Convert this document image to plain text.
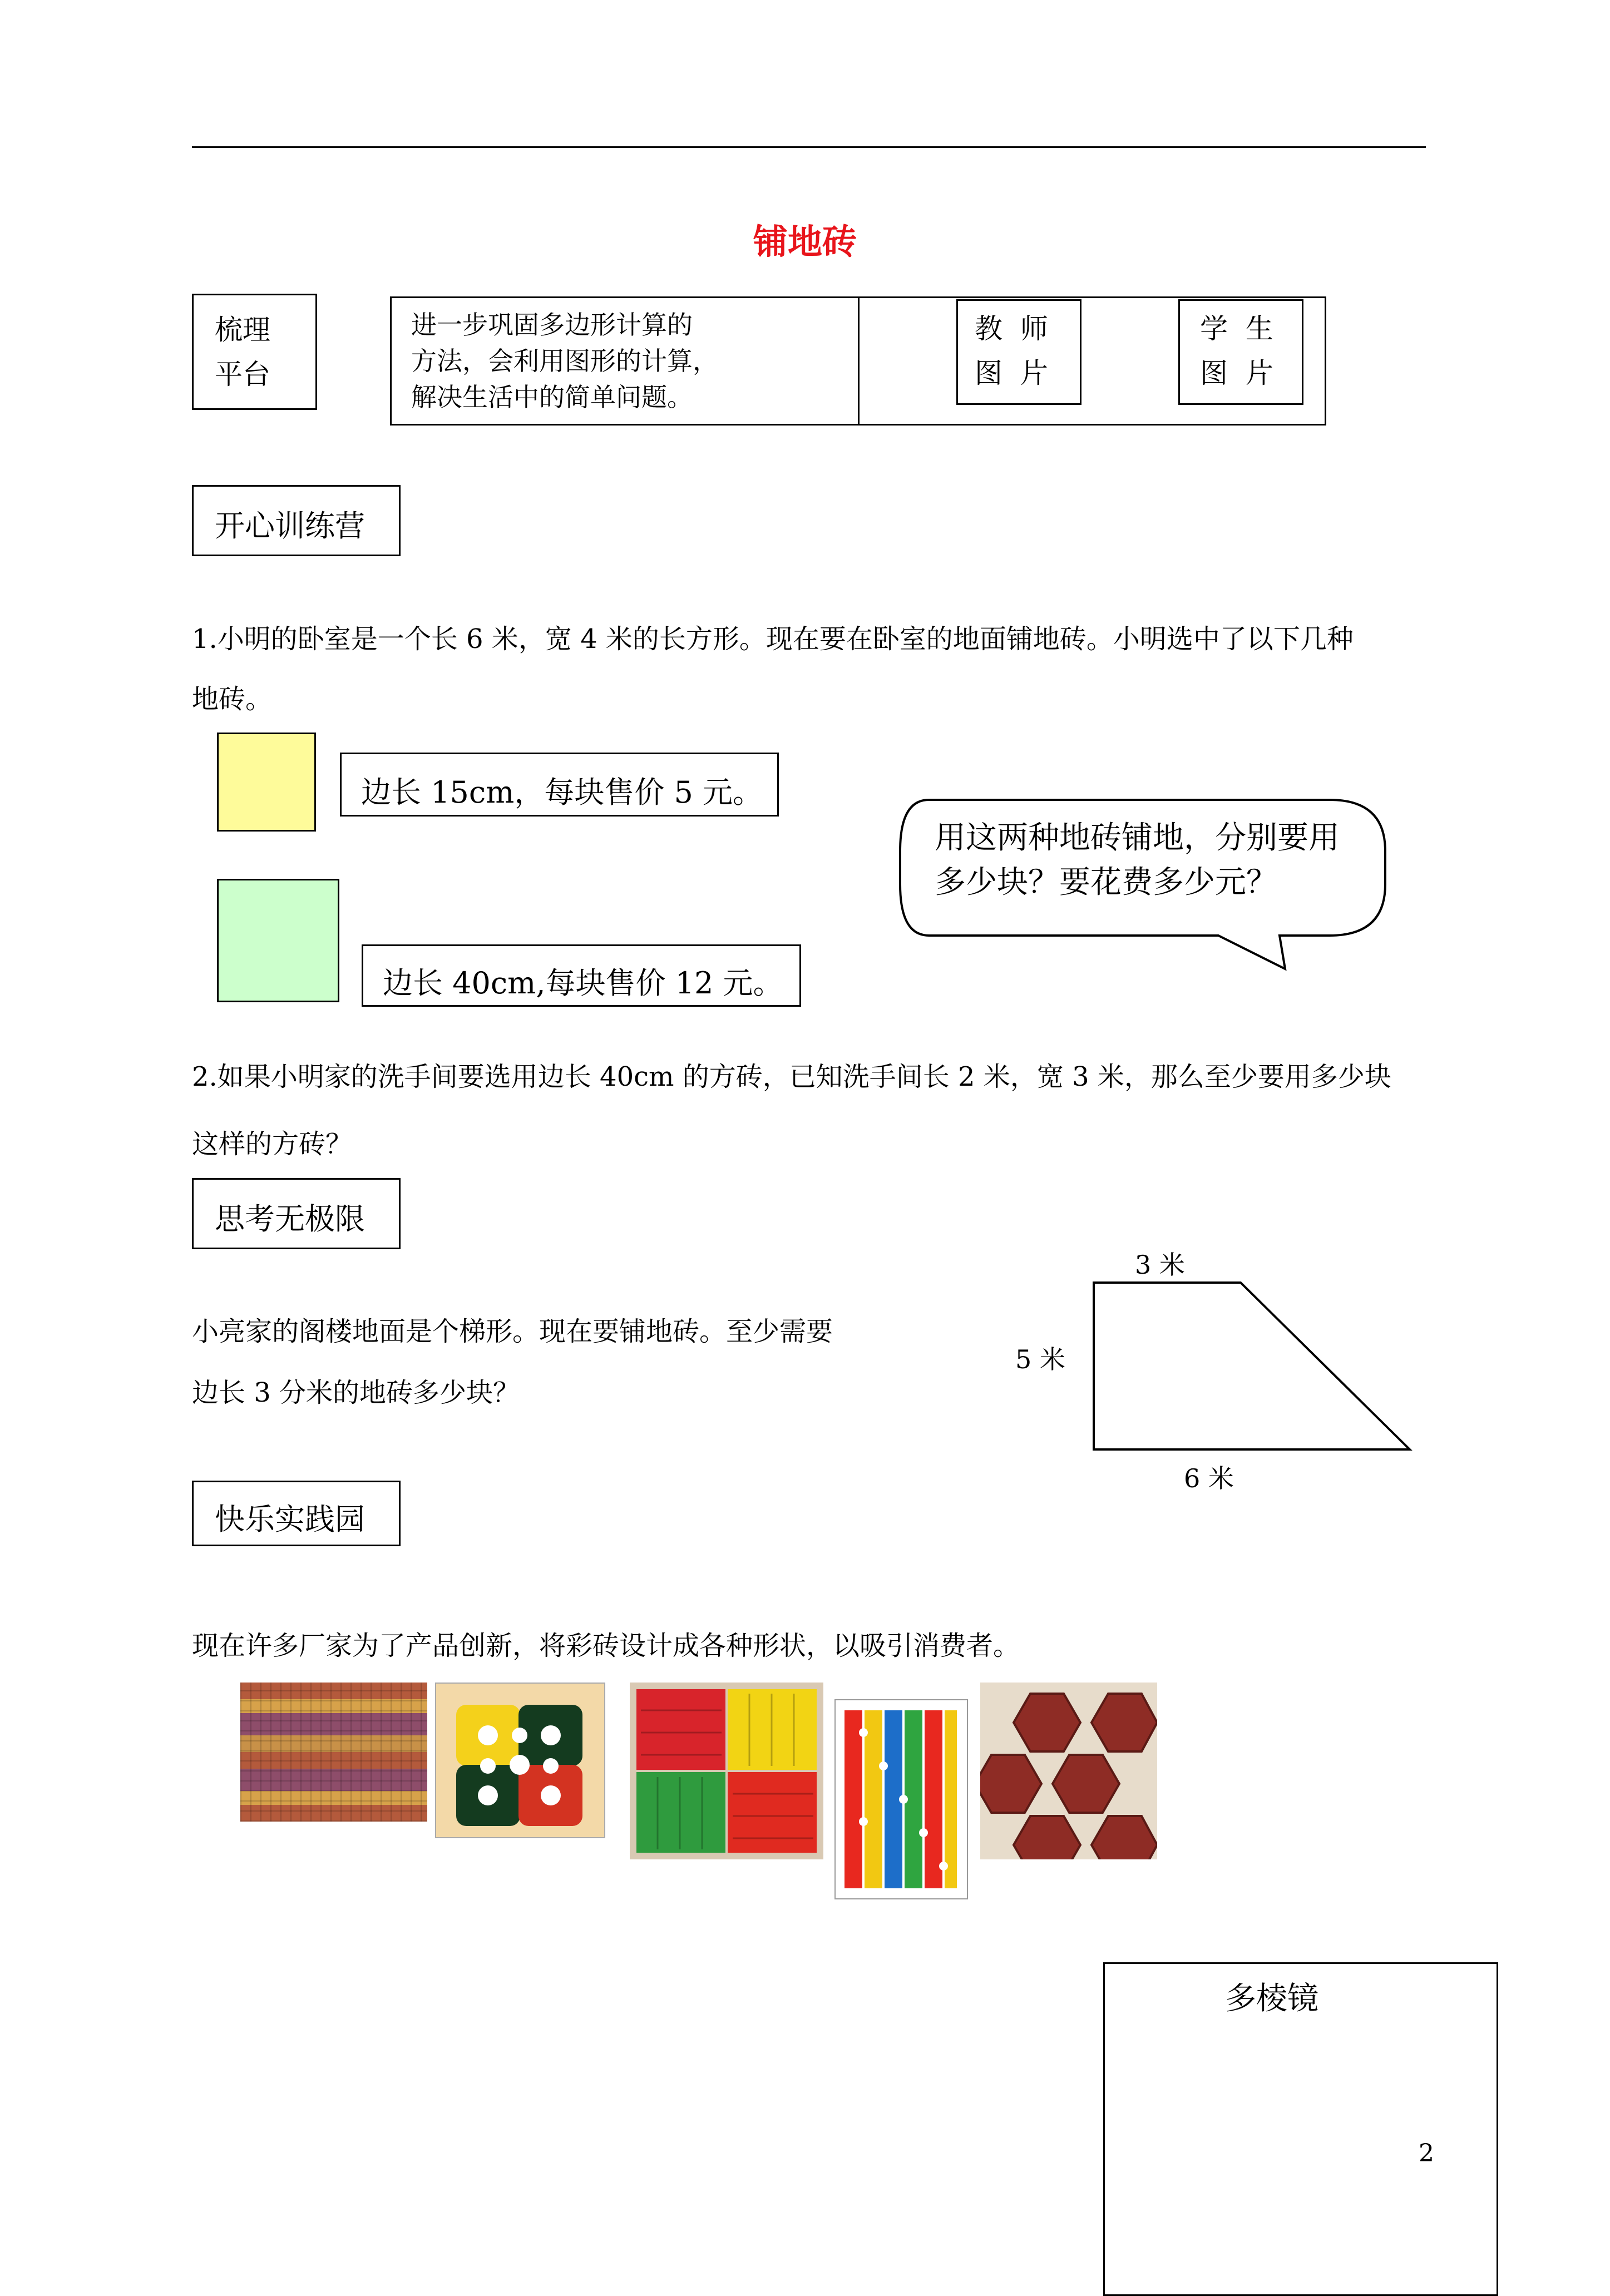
铺地砖
梳理平台
进一步巩固多边形计算的
方法，会利用图形的计算，
解决生活中的简单问题。
教 师 图 片
学 生 图 片
开心训练营
1.小明的卧室是一个长 6 米，宽 4 米的长方形。现在要在卧室的地面铺地砖。小明选中了以下几种
地砖。
边长 15cm，每块售价 5 元。
边长 40cm,每块售价 12 元。
用这两种地砖铺地，分别要用
多少块？要花费多少元？
2.如果小明家的洗手间要选用边长 40cm 的方砖，已知洗手间长 2 米，宽 3 米，那么至少要用多少块
这样的方砖？
思考无极限
小亮家的阁楼地面是个梯形。现在要铺地砖。至少需要
边长 3 分米的地砖多少块？
3 米
5 米
6 米
快乐实践园
现在许多厂家为了产品创新，将彩砖设计成各种形状，以吸引消费者。
多棱镜
2
